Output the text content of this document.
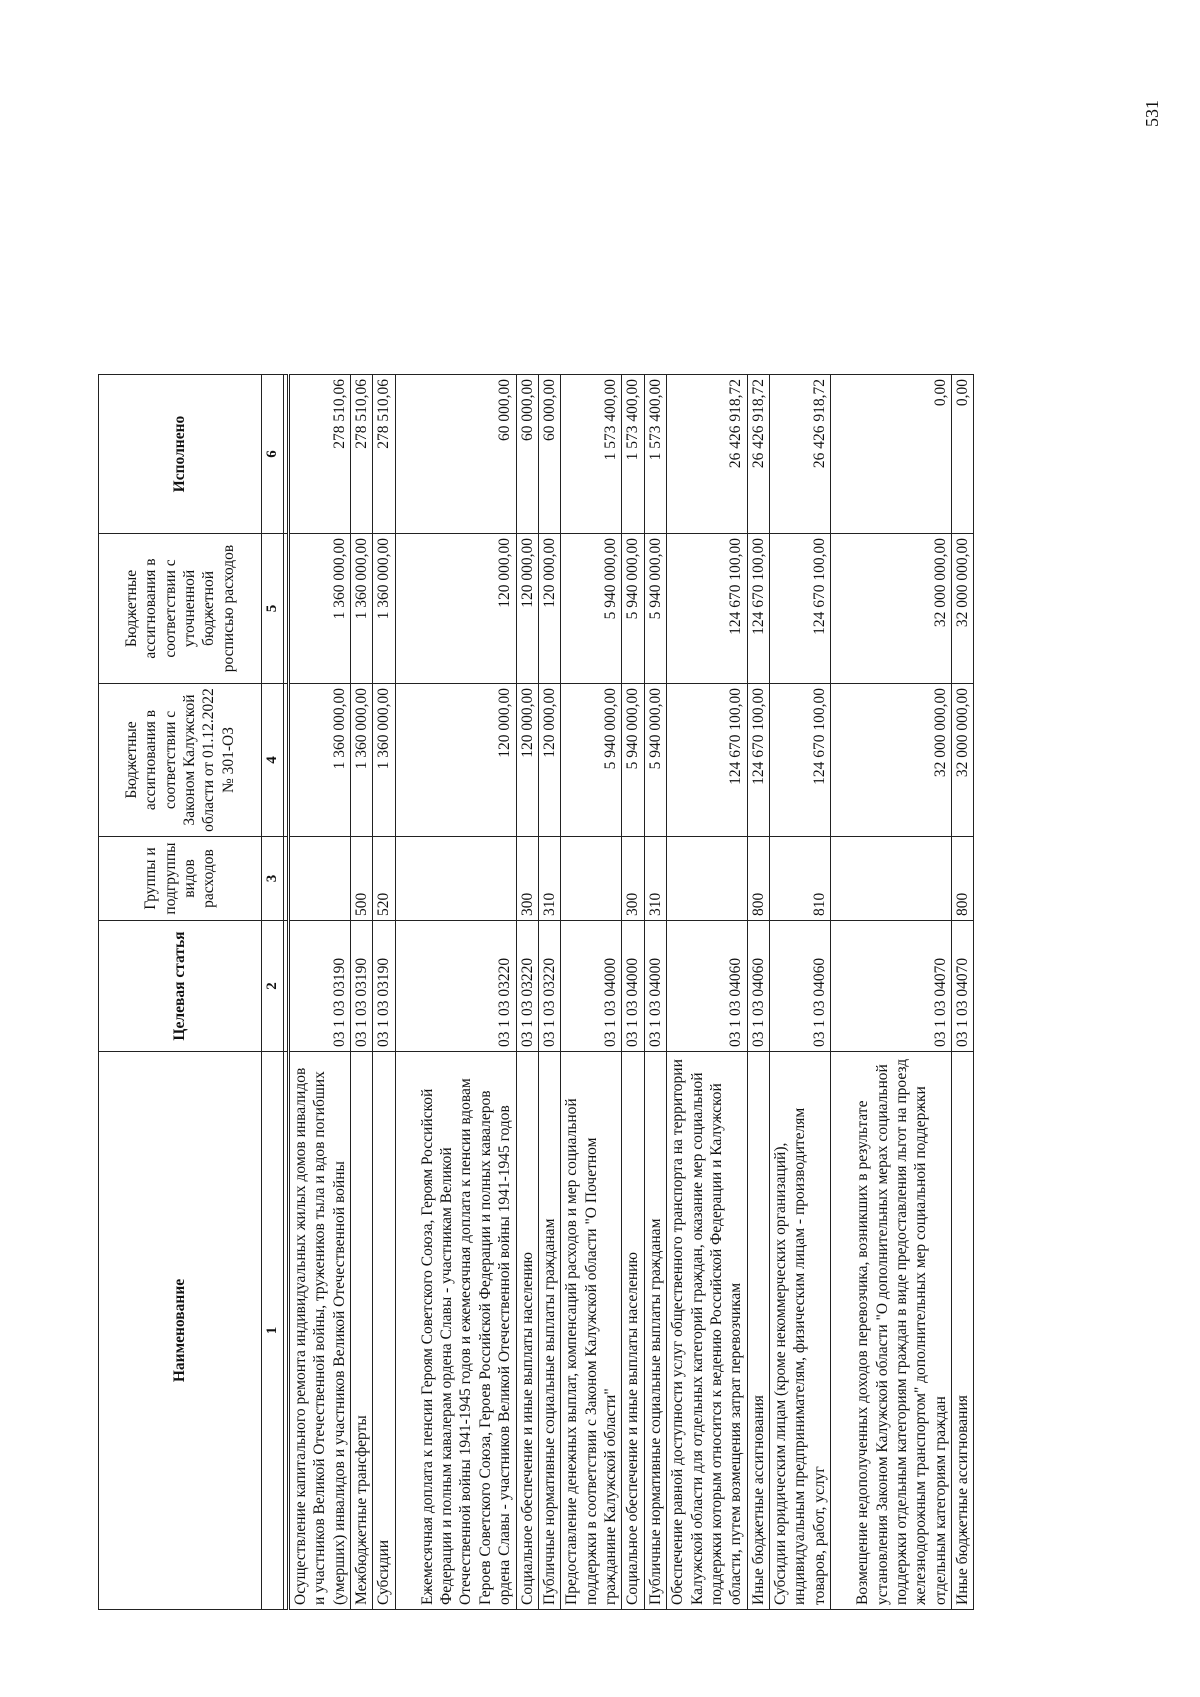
Наименование	Целевая статья	Группы и подгруппы видов расходов	Бюджетные ассигнования в соответствии с Законом Калужской области от 01.12.2022 № 301-ОЗ	Бюджетные ассигнования в соответствии с уточненной бюджетной росписью расходов	Исполнено
1	2	3	4	5	6

Осуществление капитального ремонта индивидуальных жилых домов инвалидов и участников Великой Отечественной войны, тружеников тыла и вдов погибших (умерших) инвалидов и участников Великой Отечественной войны	03 1 03 03190		1 360 000,00	1 360 000,00	278 510,06
Межбюджетные трансферты	03 1 03 03190	500	1 360 000,00	1 360 000,00	278 510,06
Субсидии	03 1 03 03190	520	1 360 000,00	1 360 000,00	278 510,06
Ежемесячная доплата к пенсии Героям Советского Союза, Героям Российской Федерации и полным кавалерам ордена Славы - участникам Великой Отечественной войны 1941-1945 годов и ежемесячная доплата к пенсии вдовам Героев Советского Союза, Героев Российской Федерации и полных кавалеров ордена Славы - участников Великой Отечественной войны 1941-1945 годов	03 1 03 03220		120 000,00	120 000,00	60 000,00
Социальное обеспечение и иные выплаты населению	03 1 03 03220	300	120 000,00	120 000,00	60 000,00
Публичные нормативные социальные выплаты гражданам	03 1 03 03220	310	120 000,00	120 000,00	60 000,00
Предоставление денежных выплат, компенсаций расходов и мер социальной поддержки в соответствии с Законом Калужской области "О Почетном гражданине Калужской области"	03 1 03 04000		5 940 000,00	5 940 000,00	1 573 400,00
Социальное обеспечение и иные выплаты населению	03 1 03 04000	300	5 940 000,00	5 940 000,00	1 573 400,00
Публичные нормативные социальные выплаты гражданам	03 1 03 04000	310	5 940 000,00	5 940 000,00	1 573 400,00
Обеспечение равной доступности услуг общественного транспорта на территории Калужской области для отдельных категорий граждан, оказание мер социальной поддержки которым относится к ведению Российской Федерации и Калужской области, путем возмещения затрат перевозчикам	03 1 03 04060		124 670 100,00	124 670 100,00	26 426 918,72
Иные бюджетные ассигнования	03 1 03 04060	800	124 670 100,00	124 670 100,00	26 426 918,72
Субсидии юридическим лицам (кроме некоммерческих организаций), индивидуальным предпринимателям, физическим лицам - производителям товаров, работ, услуг	03 1 03 04060	810	124 670 100,00	124 670 100,00	26 426 918,72
Возмещение недополученных доходов перевозчика, возникших в результате установления Законом Калужской области "О дополнительных мерах социальной поддержки отдельным категориям граждан в виде предоставления льгот на проезд железнодорожным транспортом" дополнительных мер социальной поддержки отдельным категориям граждан	03 1 03 04070		32 000 000,00	32 000 000,00	0,00
Иные бюджетные ассигнования	03 1 03 04070	800	32 000 000,00	32 000 000,00	0,00
531
